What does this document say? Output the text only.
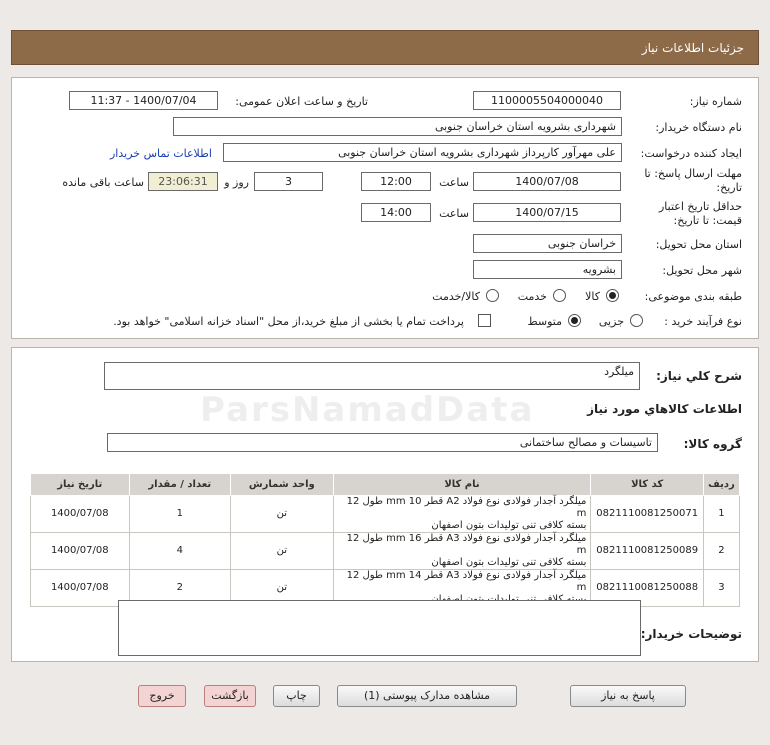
جزئیات اطلاعات نیاز
شماره نیاز:
1100005504000040
تاریخ و ساعت اعلان عمومی:
1400/07/04 - 11:37
نام دستگاه خریدار:
شهرداری بشرویه استان خراسان جنوبی
ایجاد کننده درخواست:
علی مهرآور کارپرداز شهرداری بشرویه استان خراسان جنوبی
اطلاعات تماس خریدار
مهلت ارسال پاسخ: تا
تاریخ:
1400/07/08
ساعت
12:00
3
روز و
23:06:31
ساعت باقی مانده
حداقل تاریخ اعتبار
قیمت: تا تاریخ:
1400/07/15
ساعت
14:00
استان محل تحویل:
خراسان جنوبی
شهر محل تحویل:
بشرویه
طبقه بندی موضوعی:
کالا
خدمت
کالا/خدمت
نوع فرآیند خرید :
جزیی
متوسط
پرداخت تمام یا بخشی از مبلغ خرید،از محل "اسناد خزانه اسلامی" خواهد بود.
شرح کلي نياز:
میلگرد
اطلاعات کالاهاي مورد نياز
گروه کالا:
تاسیسات و مصالح ساختمانی
ردیف	کد کالا	نام کالا	واحد شمارش	تعداد / مقدار	تاریخ نیاز
1	0821110081250071	میلگرد آجدار فولادی نوع فولاد A2 قطر 10 mm طول 12 m
بسته کلافی تنی تولیدات بتون اصفهان	تن	1	1400/07/08
2	0821110081250089	میلگرد آجدار فولادی نوع فولاد A3 قطر 16 mm طول 12 m
بسته کلافی تنی تولیدات بتون اصفهان	تن	4	1400/07/08
3	0821110081250088	میلگرد آجدار فولادی نوع فولاد A3 قطر 14 mm طول 12 m	تن	2	1400/07/08
توضیحات خریدار:
پاسخ به نیاز
مشاهده مدارک پیوستی (1)
چاپ
بازگشت
خروج
